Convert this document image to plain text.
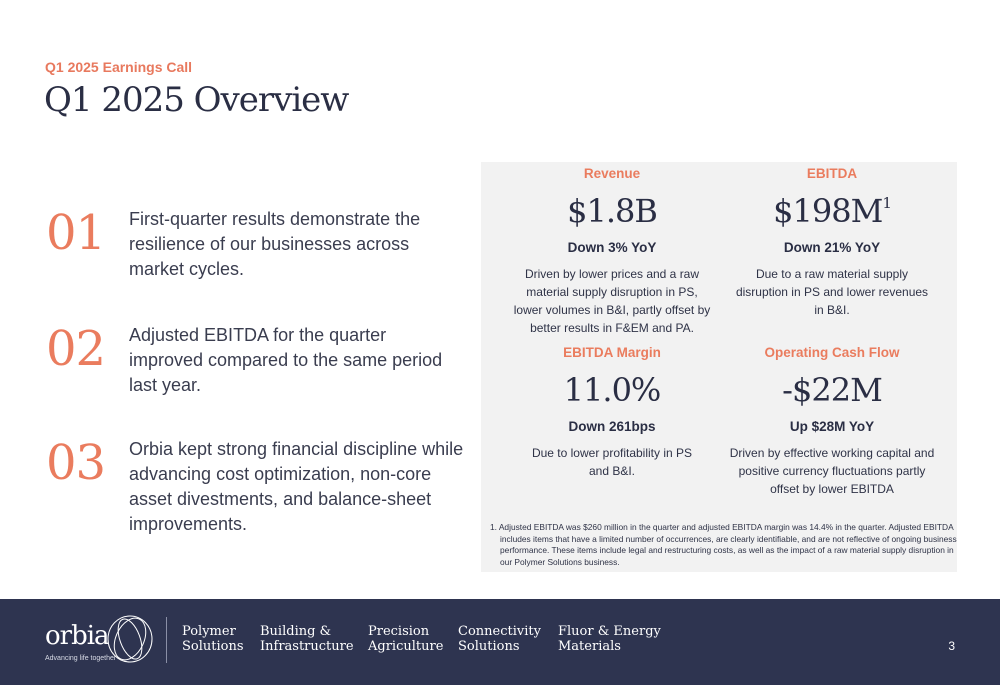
Q1 2025 Earnings Call
Q1 2025 Overview
01 First-quarter results demonstrate the resilience of our businesses across market cycles.
02 Adjusted EBITDA for the quarter improved compared to the same period last year.
03 Orbia kept strong financial discipline while advancing cost optimization, non-core asset divestments, and balance-sheet improvements.
Revenue
$1.8B
Down 3% YoY
Driven by lower prices and a raw material supply disruption in PS, lower volumes in B&I, partly offset by better results in F&EM and PA.
EBITDA
$\$198M^1$
Down 21% YoY
Due to a raw material supply disruption in PS and lower revenues in B&I.
EBITDA Margin
11.0%
Down 261bps
Due to lower profitability in PS and B&I.
Operating Cash Flow
-$22M
Up $28M YoY
Driven by effective working capital and positive currency fluctuations partly offset by lower EBITDA
1. Adjusted EBITDA was $260 million in the quarter and adjusted EBITDA margin was 14.4% in the quarter. Adjusted EBITDA includes items that have a limited number of occurrences, are clearly identifiable, and are not reflective of ongoing business performance. These items include legal and restructuring costs, as well as the impact of a raw material supply disruption in our Polymer Solutions business.
orbia
Advancing life together
Polymer
Solutions
Building &
Infrastructure
Precision
Agriculture
Connectivity
Solutions
Fluor & Energy
Materials	3
